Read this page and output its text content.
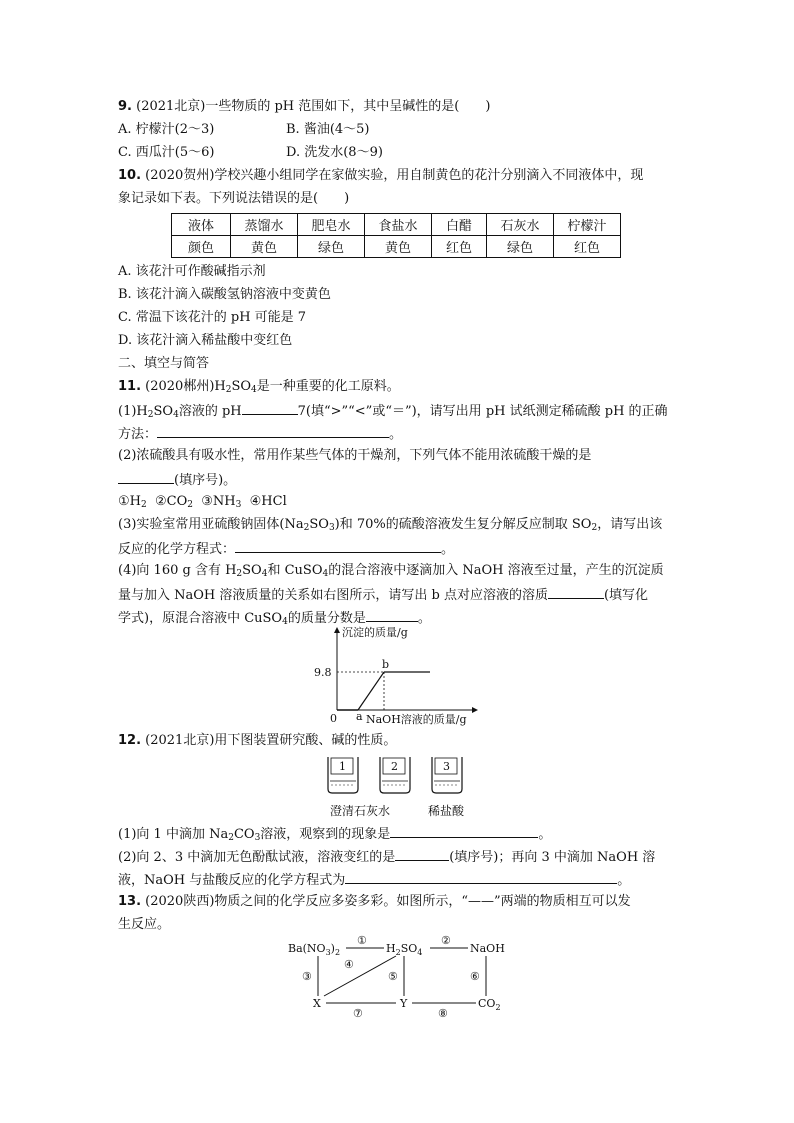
9. (2021北京)一些物质的 pH 范围如下，其中呈碱性的是(　　)
A. 柠檬汁(2～3)	B. 酱油(4～5)
C. 西瓜汁(5～6)	D. 洗发水(8～9)
10. (2020贺州)学校兴趣小组同学在家做实验，用自制黄色的花汁分别滴入不同液体中，现
象记录如下表。下列说法错误的是(　　)
液体	蒸馏水	肥皂水	食盐水	白醋	石灰水	柠檬汁
颜色	黄色	绿色	黄色	红色	绿色	红色
A. 该花汁可作酸碱指示剂
B. 该花汁滴入碳酸氢钠溶液中变黄色
C. 常温下该花汁的 pH 可能是 7
D. 该花汁滴入稀盐酸中变红色
二、填空与简答
11. (2020郴州)$H_2SO_4$是一种重要的化工原料。
$(1)H_2SO_4$溶液的 pH	7(填“>”“<”或“＝”)，请写出用 pH 试纸测定稀硫酸 pH 的正确
方法：	。
(2)浓硫酸具有吸水性，常用作某些气体的干燥剂，下列气体不能用浓硫酸干燥的是
(填序号)。
$①H_2$ $②CO_2$ $③NH_3$ ④HCl
(3)实验室常用亚硫酸钠固体$(Na_2SO_3)$和 70%的硫酸溶液发生复分解反应制取 $SO_2$，请写出该
反应的化学方程式：	。
(4)向 160 g 含有 $H_2SO_4$和 CuSO$_4$的混合溶液中逐滴加入 NaOH 溶液至过量，产生的沉淀质
量与加入 NaOH 溶液质量的关系如右图所示，请写出 b 点对应溶液的溶质	(填写化
学式)，原混合溶液中 CuSO$_4$的质量分数是	。
沉淀的质量/g
9.8
0 a
b
NaOH溶液的质量/g
12. (2021北京)用下图装置研究酸、碱的性质。
1	2	3
澄清石灰水	稀盐酸
(1)向 1 中滴加 $Na_2CO_3$溶液，观察到的现象是	。
(2)向 2、3 中滴加无色酚酞试液，溶液变红的是	(填序号)；再向 3 中滴加 NaOH 溶
液，NaOH 与盐酸反应的化学方程式为	。
13. (2020陕西)物质之间的化学反应多姿多彩。如图所示，“——”两端的物质相互可以发
生反应。
$Ba(NO_3)_2$
①
$H_2SO_4$
②
NaOH
③	⑤	⑥
④
X
⑦
Y
⑧
$CO_2$
